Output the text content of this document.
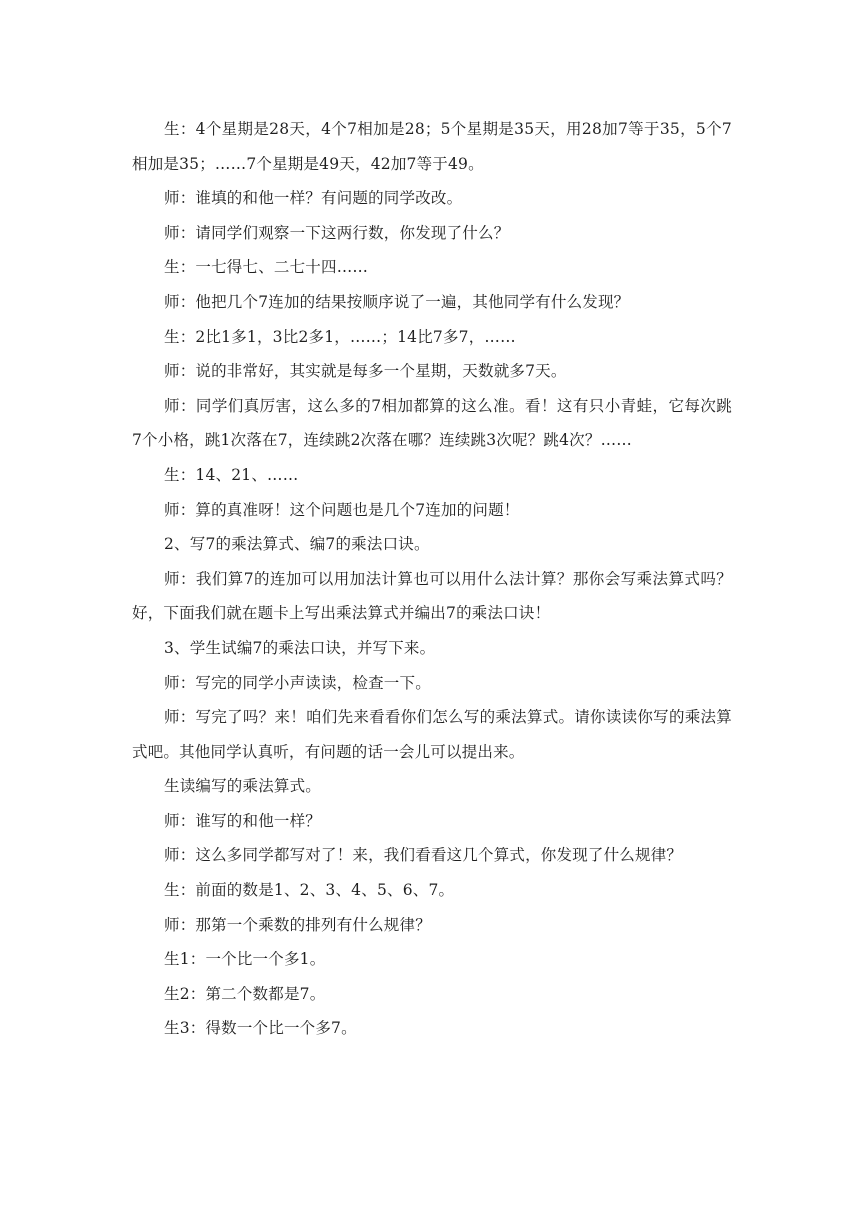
生：4个星期是28天，4个7相加是28；5个星期是35天，用28加7等于35，5个7相加是35；……7个星期是49天，42加7等于49。

师：谁填的和他一样？有问题的同学改改。

师：请同学们观察一下这两行数，你发现了什么？

生：一七得七、二七十四……

师：他把几个7连加的结果按顺序说了一遍，其他同学有什么发现？

生：2比1多1，3比2多1，……；14比7多7，……

师：说的非常好，其实就是每多一个星期，天数就多7天。

师：同学们真厉害，这么多的7相加都算的这么准。看！这有只小青蛙，它每次跳7个小格，跳1次落在7，连续跳2次落在哪？连续跳3次呢？跳4次？……

生：14、21、……

师：算的真准呀！这个问题也是几个7连加的问题！

2、写7的乘法算式、编7的乘法口诀。

师：我们算7的连加可以用加法计算也可以用什么法计算？那你会写乘法算式吗？好，下面我们就在题卡上写出乘法算式并编出7的乘法口诀！

3、学生试编7的乘法口诀，并写下来。

师：写完的同学小声读读，检查一下。

师：写完了吗？来！咱们先来看看你们怎么写的乘法算式。请你读读你写的乘法算式吧。其他同学认真听，有问题的话一会儿可以提出来。

生读编写的乘法算式。

师：谁写的和他一样？

师：这么多同学都写对了！来，我们看看这几个算式，你发现了什么规律？

生：前面的数是1、2、3、4、5、6、7。

师：那第一个乘数的排列有什么规律？

生1：一个比一个多1。

生2：第二个数都是7。

生3：得数一个比一个多7。
